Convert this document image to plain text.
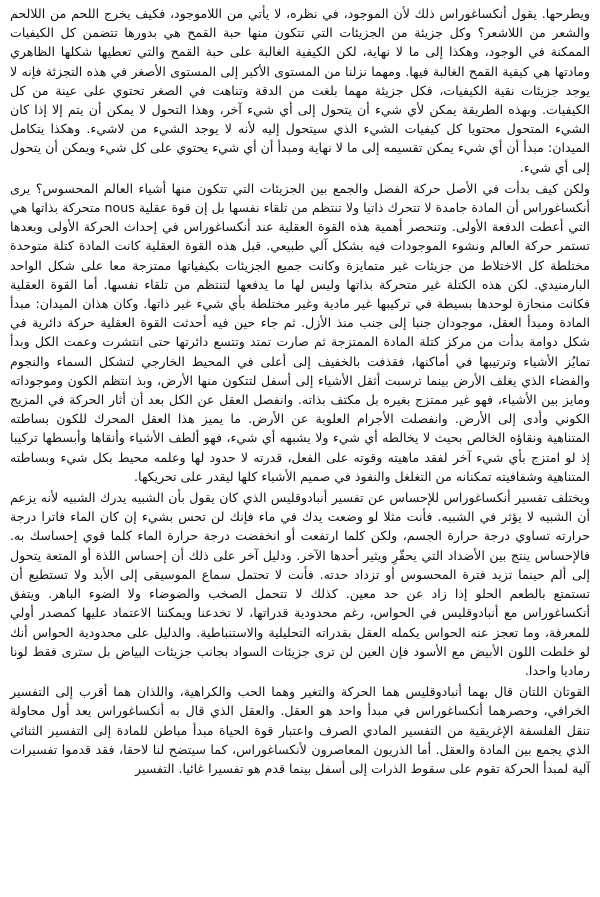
ويطرحها. يقول أنكساغوراس ذلك لأن الموجود، في نظره، لا يأتي من اللاموجود، فكيف يخرج اللحم من اللالحم والشعر من اللاشعر؟ وكل جزيئة من الجزيئات التي تتكون منها حبة القمح هي بدورها تتضمن كل الكيفيات الممكنة في الوجود، وهكذا إلى ما لا نهاية، لكن الكيفية الغالبة على حبة القمح والتي تعطيها شكلها الظاهري ومادتها هي كيفية القمح الغالبة فيها. ومهما نزلنا من المستوى الأكبر إلى المستوى الأصغر في هذه التجزئة فإنه لا يوجد جزيئات نقية الكيفيات، فكل جزيئة مهما بلغت من الدقة وتناهت في الصغر تحتوي على عينة من كل الكيفيات. وبهذه الطريقة يمكن لأي شيء أن يتحول إلى أي شيء آخر، وهذا التحول لا يمكن أن يتم إلا إذا كان الشيء المتحول محتويا كل كيفيات الشيء الذي سيتحول إليه لأنه لا يوجد الشيء من لاشيء. وهكذا يتكامل الميدان: مبدأ أن أي شيء يمكن تقسيمه إلى ما لا نهاية ومبدأ أن أي شيء يحتوي على كل شيء ويمكن أن يتحول إلى أي شيء.

ولكن كيف بدأت في الأصل حركة الفصل والجمع بين الجزيئات التي تتكون منها أشياء العالم المحسوس؟ يرى أنكساغوراس أن المادة جامدة لا تتحرك ذاتيا ولا تنتظم من تلقاء نفسها بل إن قوة عقلية nous متحركة بذاتها هي التي أعطت الدفعة الأولى. وتنحصر أهمية هذه القوة العقلية عند أنكساغوراس في إحداث الحركة الأولى وبعدها تستمر حركة العالم ونشوء الموجودات فيه بشكل آلي طبيعي. قبل هذه القوة العقلية كانت المادة كتلة متوحدة مختلطة كل الاختلاط من جزيئات غير متمايزة وكانت جميع الجزيئات بكيفياتها ممتزجة معا على شكل الواحد البارمنيدي. لكن هذه الكتلة غير متحركة بذاتها وليس لها ما يدفعها لتنتظم من تلقاء نفسها. أما القوة العقلية فكانت منحازة لوحدها بسيطة في تركيبها غير مادية وغير مختلطة بأي شيء غير ذاتها. وكان هذان الميدان: مبدأ المادة ومبدأ العقل، موجودان جنبا إلى جنب منذ الأزل. ثم جاء حين فيه أحدثت القوة العقلية حركة دائرية في شكل دوامة بدأت من مركز كتلة المادة الممتزجة ثم صارت تمتد وتتسع دائرتها حتى انتشرت وعمت الكل وبدأ تمايُز الأشياء وترتيبها في أماكنها، فقذفت بالخفيف إلى أعلى في المحيط الخارجي لتشكل السماء والنجوم والفضاء الذي يغلف الأرض بينما ترسبت أثقل الأشياء إلى أسفل لتتكون منها الأرض، وبذ انتظم الكون وموجوداته ومايز بين الأشياء، فهو غير ممتزج بغيره بل مكتف بذاته. وانفصل العقل عن الكل بعد أن أثار الحركة في المزيج الكوني وأدى إلى الأرض. وانفصلت الأجرام العلوية عن الأرض. ما يميز هذا العقل المحرك للكون بساطته المتناهية ونقاؤه الخالص بحيث لا يخالطه أي شيء ولا يشبهه أي شيء، فهو ألطف الأشياء وأنقاها وأبسطها تركيبا إذ لو امتزج بأي شيء آخر لفقد ماهيته وقوته على الفعل، قدرته لا حدود لها وعلمه محيط بكل شيء وبساطته المتناهية وشفافيته تمكنانه من التغلغل والنفوذ في صميم الأشياء كلها ليقدر على تحريكها.

ويختلف تفسير أنكساغوراس للإحساس عن تفسير أنبادوقليس الذي كان يقول بأن الشبيه يدرك الشبيه لأنه يزعم أن الشبيه لا يؤثر في الشبيه. فأنت مثلا لو وضعت يدك في ماء فإنك لن تحس بشيء إن كان الماء فاترا درجة حرارته تساوي درجة حرارة الجسم، ولكن كلما ارتفعت أو انخفضت درجة حرارة الماء كلما قوي إحساسك به. فالإحساس ينتج بين الأضداد التي يحقّرِ ويثير أحدها الآخر. ودليل آخر على ذلك أن إحساس اللذة أو المتعة يتحول إلى ألم حينما تزيد فترة المحسوس أو تزداد حدته. فأنت لا تحتمل سماع الموسيقى إلى الأبد ولا تستطيع أن تستمتع بالطعم الحلو إذا زاد عن حد معين. كذلك لا تتحمل الصخب والضوضاء ولا الضوء الباهر. ويتفق أنكساغوراس مع أنبادوقليس في الحواس، رغم محدودية قدراتها، لا تخدعنا ويمكننا الاعتماد عليها كمصدر أولي للمعرفة، وما تعجز عنه الحواس يكمله العقل بقدراته التحليلية والاستنباطية. والدليل على محدودية الحواس أنك لو خلطت اللون الأبيض مع الأسود فإن العين لن ترى جزيئات السواد بجانب جزيئات البياض بل سترى فقط لونا رماديا واحدا.

القوتان اللتان قال بهما أنبادوقليس هما الحركة والتغير وهما الحب والكراهية، واللذان هما أقرب إلى التفسير الخرافي، وحصرهما أنكساغوراس في مبدأ واحد هو العقل. والعقل الذي قال به أنكساغوراس يعد أول محاولة تنقل الفلسفة الإغريقية من التفسير المادي الصرف واعتبار قوة الحياة مبدأ مباطن للمادة إلى التفسير الثنائي الذي يجمع بين المادة والعقل. أما الذريون المعاصرون لأنكساغوراس، كما سيتضح لنا لاحقا، فقد قدموا تفسيرات آلية لمبدأ الحركة تقوم على سقوط الذرات إلى أسفل بينما قدم هو تفسيرا غائيا. التفسير
